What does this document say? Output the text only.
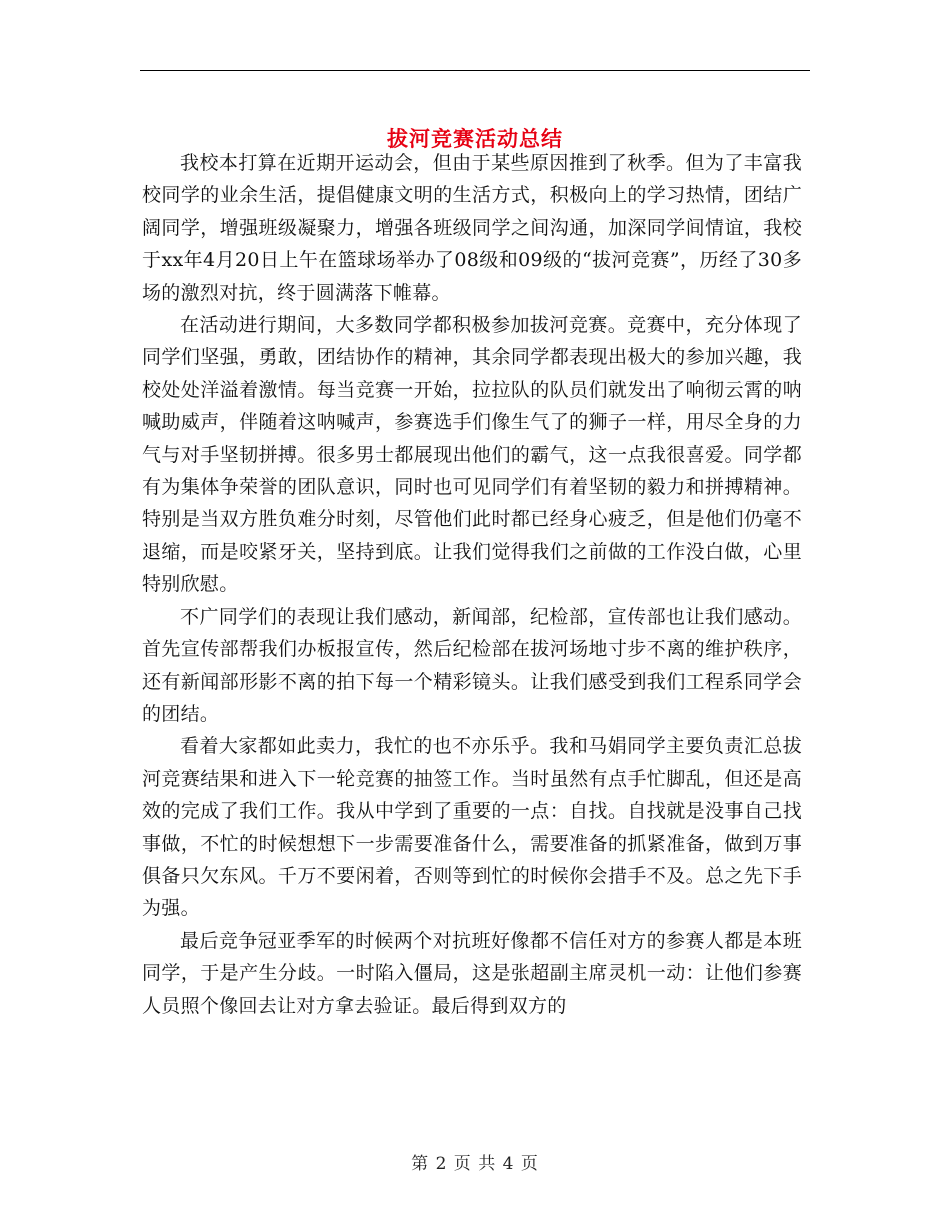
拔河竞赛活动总结

我校本打算在近期开运动会，但由于某些原因推到了秋季。但为了丰富我校同学的业余生活，提倡健康文明的生活方式，积极向上的学习热情，团结广阔同学，增强班级凝聚力，增强各班级同学之间沟通，加深同学间情谊，我校于xx年4月20日上午在篮球场举办了08级和09级的“拔河竞赛”，历经了30多场的激烈对抗，终于圆满落下帷幕。

在活动进行期间，大多数同学都积极参加拔河竞赛。竞赛中，充分体现了同学们坚强，勇敢，团结协作的精神，其余同学都表现出极大的参加兴趣，我校处处洋溢着激情。每当竞赛一开始，拉拉队的队员们就发出了响彻云霄的呐喊助威声，伴随着这呐喊声，参赛选手们像生气了的狮子一样，用尽全身的力气与对手坚韧拼搏。很多男士都展现出他们的霸气，这一点我很喜爱。同学都有为集体争荣誉的团队意识，同时也可见同学们有着坚韧的毅力和拼搏精神。特别是当双方胜负难分时刻，尽管他们此时都已经身心疲乏，但是他们仍毫不退缩，而是咬紧牙关，坚持到底。让我们觉得我们之前做的工作没白做，心里特别欣慰。

不广同学们的表现让我们感动，新闻部，纪检部，宣传部也让我们感动。首先宣传部帮我们办板报宣传，然后纪检部在拔河场地寸步不离的维护秩序，还有新闻部形影不离的拍下每一个精彩镜头。让我们感受到我们工程系同学会的团结。

看着大家都如此卖力，我忙的也不亦乐乎。我和马娟同学主要负责汇总拔河竞赛结果和进入下一轮竞赛的抽签工作。当时虽然有点手忙脚乱，但还是高效的完成了我们工作。我从中学到了重要的一点：自找。自找就是没事自己找事做，不忙的时候想想下一步需要准备什么，需要准备的抓紧准备，做到万事俱备只欠东风。千万不要闲着，否则等到忙的时候你会措手不及。总之先下手为强。

最后竞争冠亚季军的时候两个对抗班好像都不信任对方的参赛人都是本班同学，于是产生分歧。一时陷入僵局，这是张超副主席灵机一动：让他们参赛人员照个像回去让对方拿去验证。最后得到双方的

第 2 页 共 4 页
